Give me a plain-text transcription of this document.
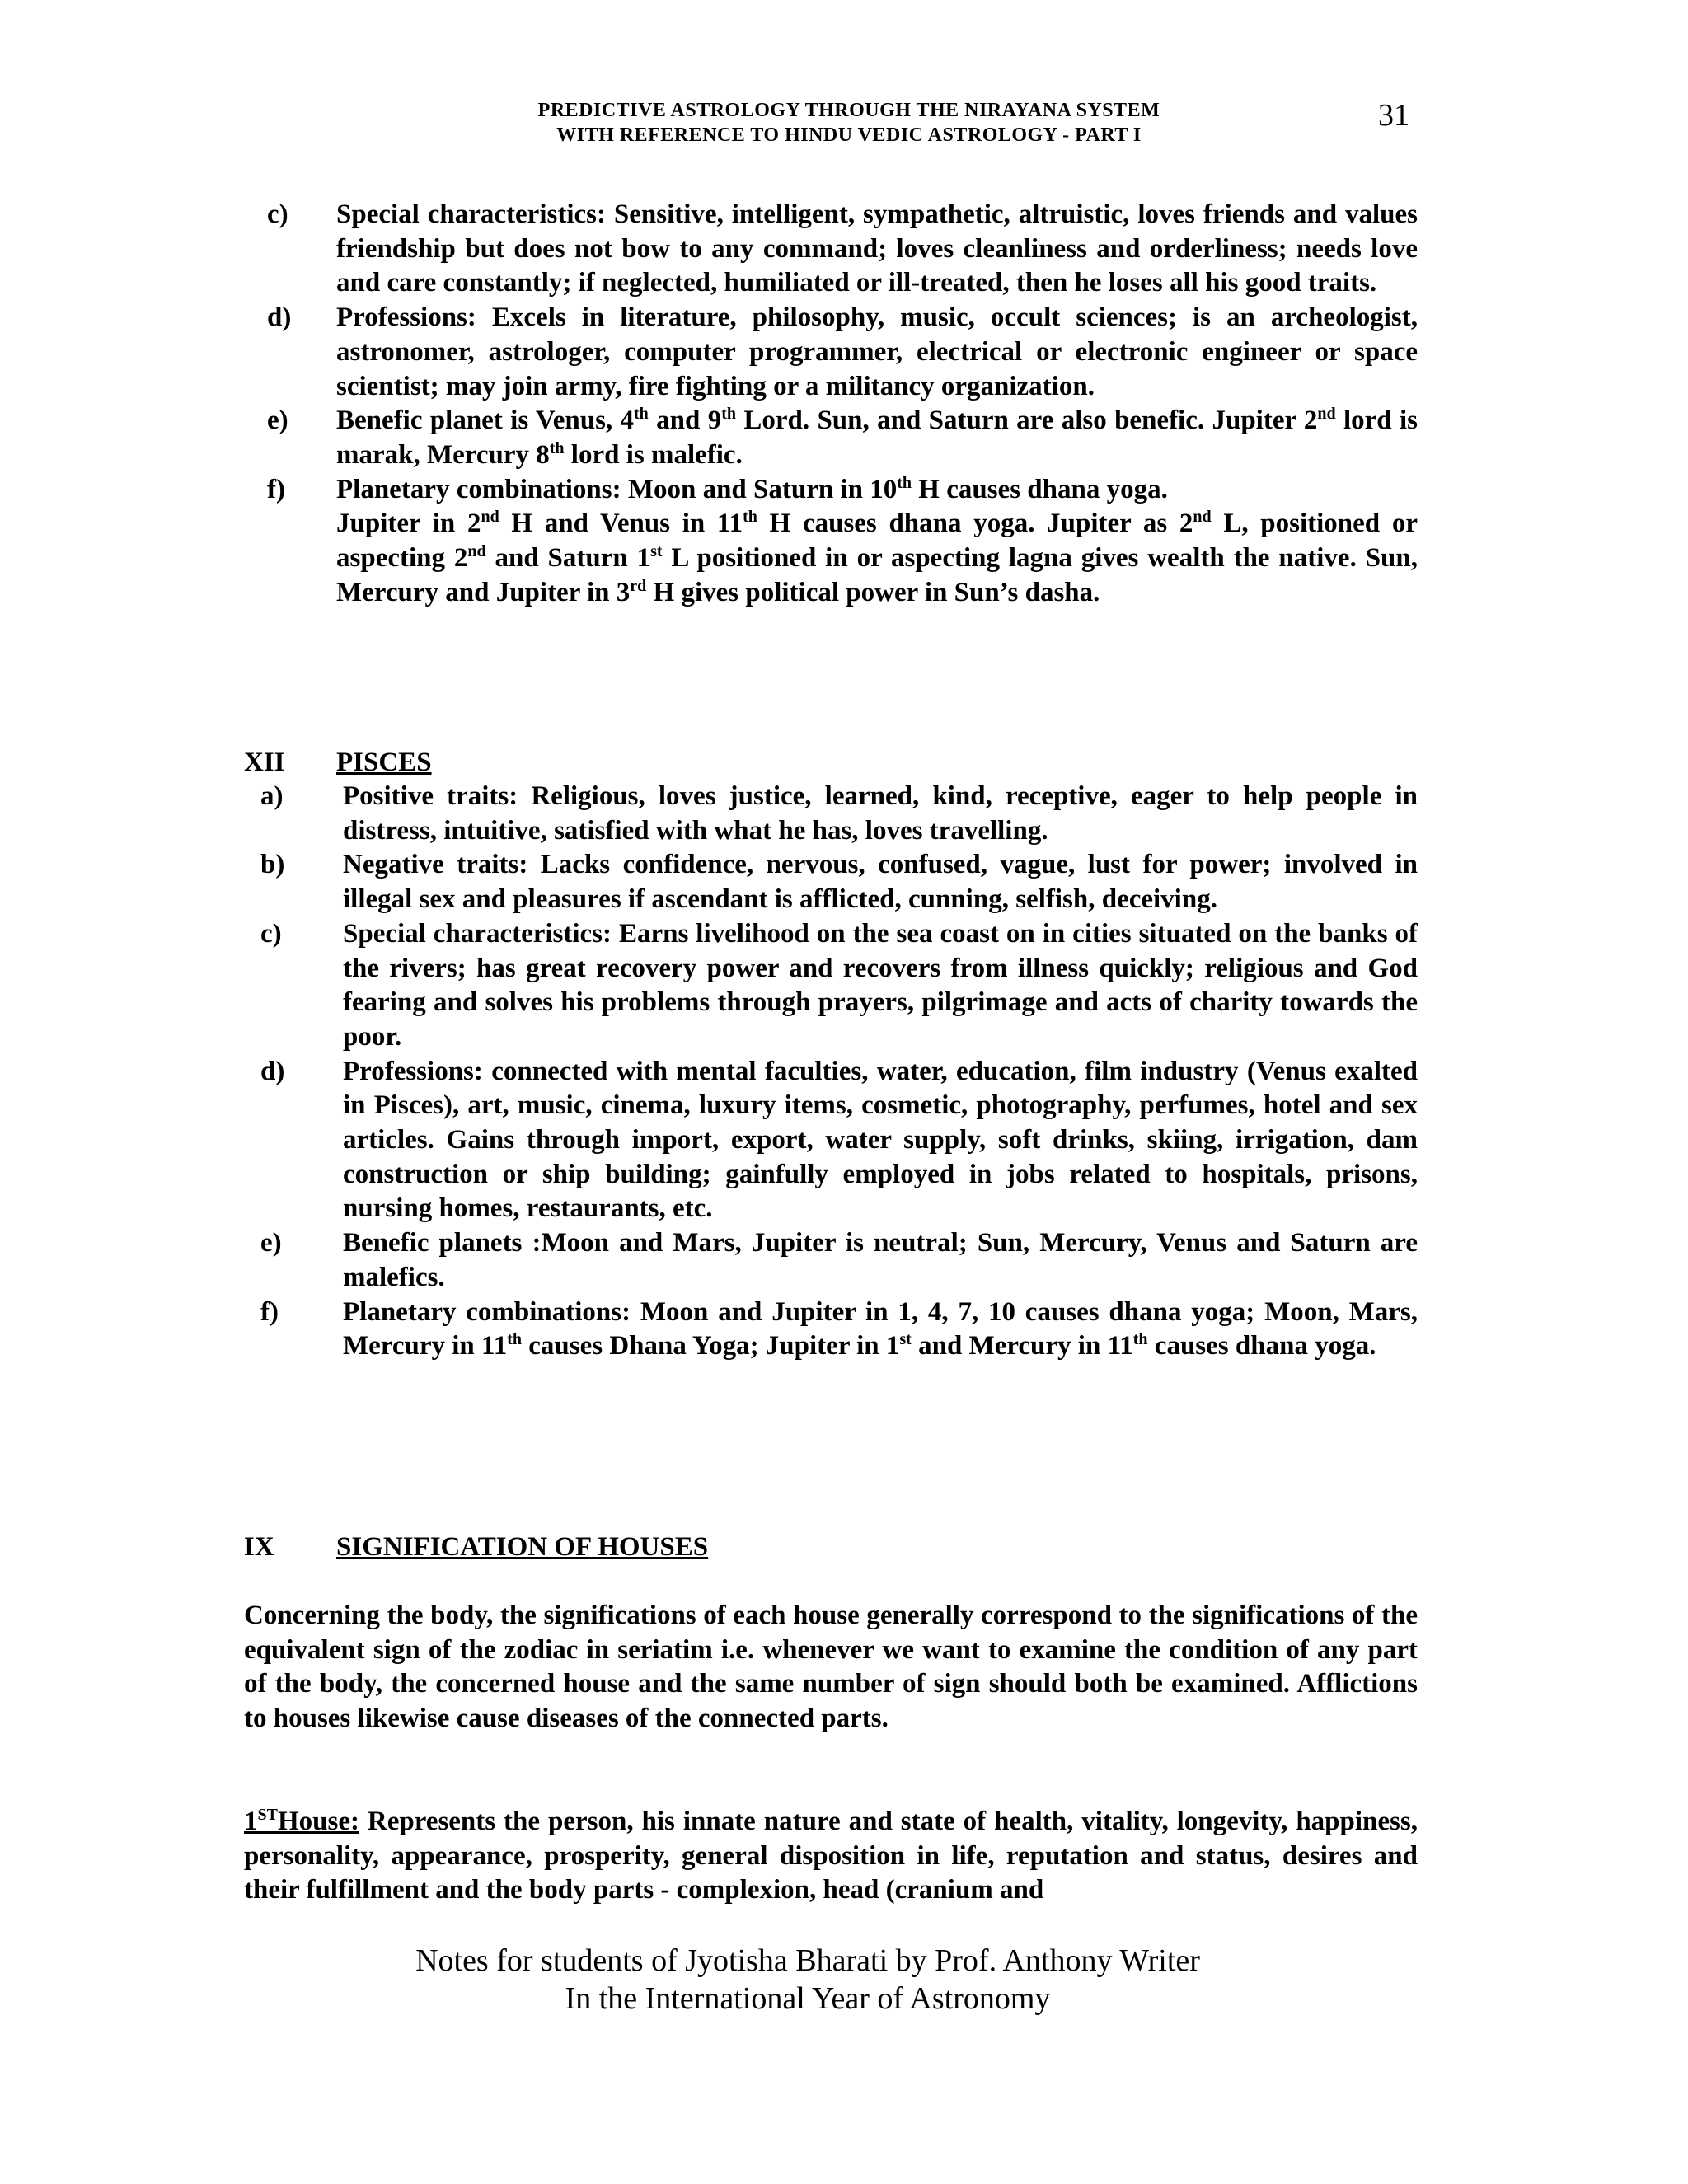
PREDICTIVE ASTROLOGY THROUGH THE NIRAYANA SYSTEM
WITH REFERENCE TO HINDU VEDIC ASTROLOGY - PART I
31
c) Special characteristics: Sensitive, intelligent, sympathetic, altruistic, loves friends and values friendship but does not bow to any command; loves cleanliness and orderliness; needs love and care constantly; if neglected, humiliated or ill-treated, then he loses all his good traits.

d) Professions: Excels in literature, philosophy, music, occult sciences; is an archeologist, astronomer, astrologer, computer programmer, electrical or electronic engineer or space scientist; may join army, fire fighting or a militancy organization.

e) Benefic planet is Venus, 4th and 9th Lord. Sun, and Saturn are also benefic. Jupiter 2nd lord is marak, Mercury 8th lord is malefic.

f) Planetary combinations: Moon and Saturn in 10th H causes dhana yoga.

Jupiter in 2nd H and Venus in 11th H causes dhana yoga. Jupiter as 2nd L, positioned or aspecting 2nd and Saturn 1st L positioned in or aspecting lagna gives wealth the native. Sun, Mercury and Jupiter in 3rd H gives political power in Sun’s dasha.

XII PISCES
a) Positive traits: Religious, loves justice, learned, kind, receptive, eager to help people in distress, intuitive, satisfied with what he has, loves travelling.

b) Negative traits: Lacks confidence, nervous, confused, vague, lust for power; involved in illegal sex and pleasures if ascendant is afflicted, cunning, selfish, deceiving.

c) Special characteristics: Earns livelihood on the sea coast on in cities situated on the banks of the rivers; has great recovery power and recovers from illness quickly; religious and God fearing and solves his problems through prayers, pilgrimage and acts of charity towards the poor.

d) Professions: connected with mental faculties, water, education, film industry (Venus exalted in Pisces), art, music, cinema, luxury items, cosmetic, photography, perfumes, hotel and sex articles. Gains through import, export, water supply, soft drinks, skiing, irrigation, dam construction or ship building; gainfully employed in jobs related to hospitals, prisons, nursing homes, restaurants, etc.

e) Benefic planets :Moon and Mars, Jupiter is neutral; Sun, Mercury, Venus and Saturn are malefics.

f) Planetary combinations: Moon and Jupiter in 1, 4, 7, 10 causes dhana yoga; Moon, Mars, Mercury in 11th causes Dhana Yoga; Jupiter in 1st and Mercury in 11th causes dhana yoga.

IX SIGNIFICATION OF HOUSES

Concerning the body, the significations of each house generally correspond to the significations of the equivalent sign of the zodiac in seriatim i.e. whenever we want to examine the condition of any part of the body, the concerned house and the same number of sign should both be examined. Afflictions to houses likewise cause diseases of the connected parts.

1STHouse: Represents the person, his innate nature and state of health, vitality, longevity, happiness, personality, appearance, prosperity, general disposition in life, reputation and status, desires and their fulfillment and the body parts - complexion, head (cranium and

Notes for students of Jyotisha Bharati by Prof. Anthony Writer
In the International Year of Astronomy
